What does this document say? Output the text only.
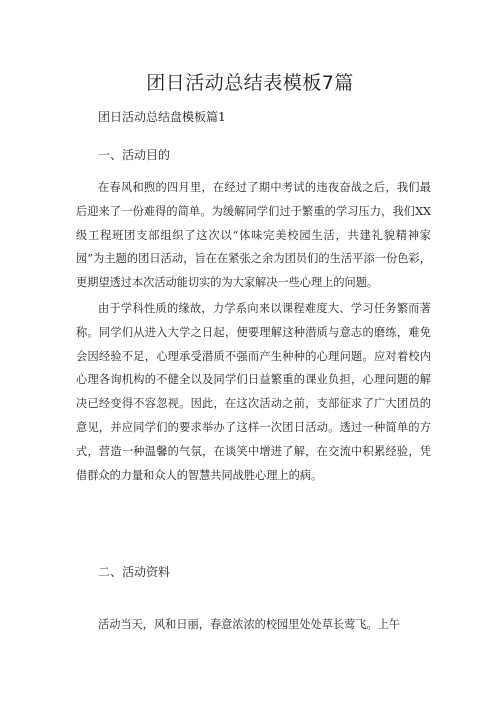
团日活动总结表模板7篇
团日活动总结盘模板篇1
一、活动目的

在春风和煦的四月里，在经过了期中考试的违夜奋战之后，我们最后迎来了一份难得的简单。为缓解同学们过于繁重的学习压力，我们XX级工程班团支部组织了这次以“体味完美校园生活，共建礼貌精神家园”为主题的团日活动，旨在在紧张之余为团员们的生活平添一份色彩，更期望透过本次活动能切实的为大家解决一些心理上的问题。

由于学科性质的缘故，力学系向来以课程难度大、学习任务繁而著称。同学们从进入大学之日起，便要理解这种潜质与意志的磨练，难免会因经验不足，心理承受潜质不强而产生种种的心理问题。应对着校内心理各询机构的不健全以及同学们日益繁重的课业负担，心理问题的解决已经变得不容忽视。因此，在这次活动之前，支部征求了广大团员的意见，并应同学们的要求举办了这样一次团日活动。透过一种简单的方式，营造一种温馨的气氛，在谈笑中增进了解，在交流中积累经验，凭借群众的力量和众人的智慧共同战胜心理上的病。

二、活动资料

活动当天，风和日丽，春意浓浓的校园里处处草长莺飞。上午
